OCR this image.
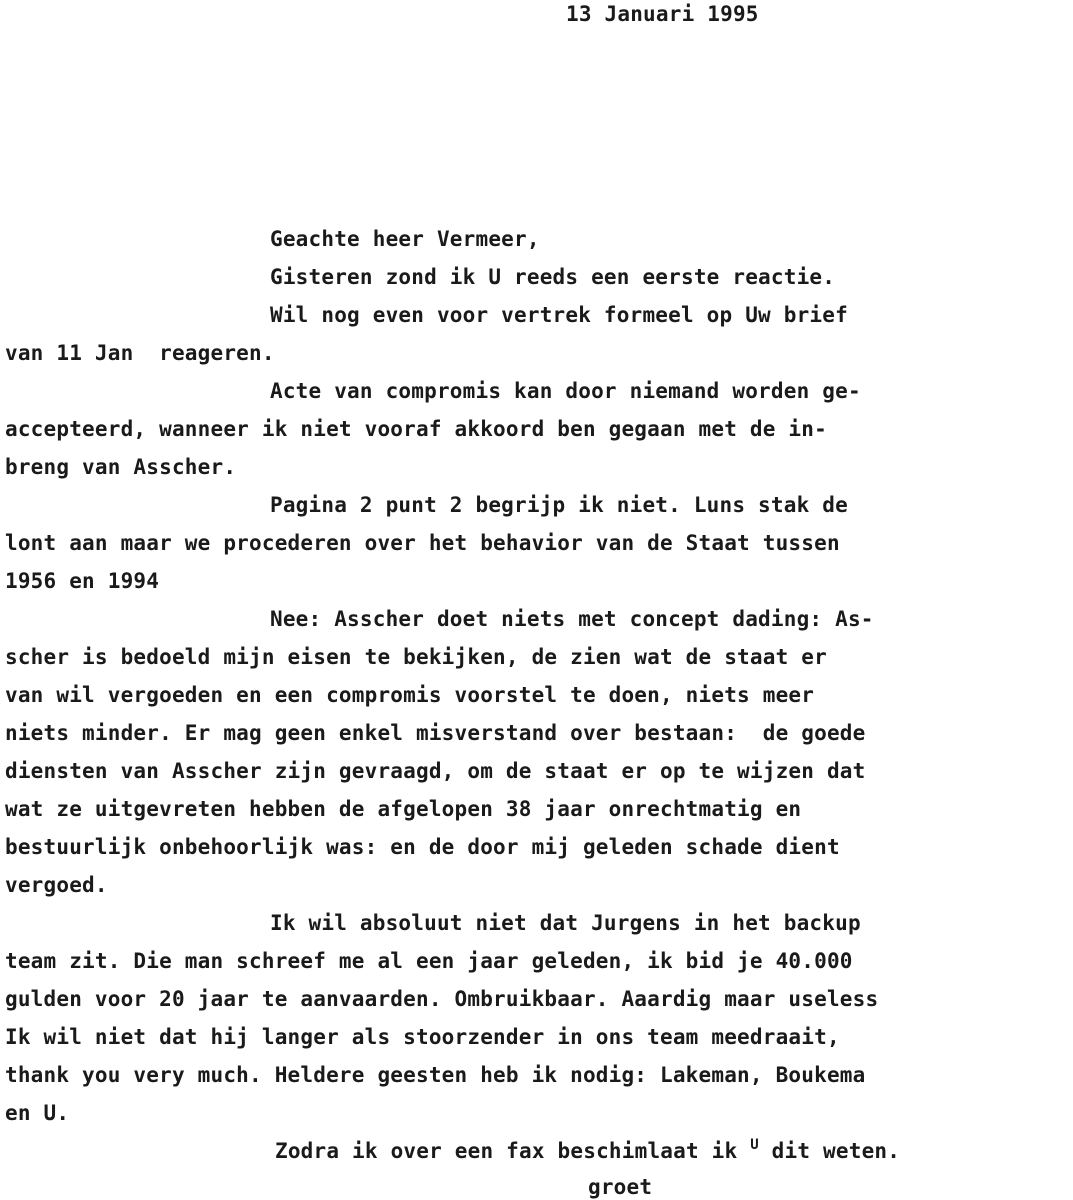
13 Januari 1995
Geachte heer Vermeer,
Gisteren zond ik U reeds een eerste reactie.
Wil nog even voor vertrek formeel op Uw brief
van 11 Jan  reageren.
Acte van compromis kan door niemand worden ge-
accepteerd, wanneer ik niet vooraf akkoord ben gegaan met de in-
breng van Asscher.
Pagina 2 punt 2 begrijp ik niet. Luns stak de
lont aan maar we procederen over het behavior van de Staat tussen
1956 en 1994
Nee: Asscher doet niets met concept dading: As-
scher is bedoeld mijn eisen te bekijken, de zien wat de staat er
van wil vergoeden en een compromis voorstel te doen, niets meer
niets minder. Er mag geen enkel misverstand over bestaan:  de goede
diensten van Asscher zijn gevraagd, om de staat er op te wijzen dat
wat ze uitgevreten hebben de afgelopen 38 jaar onrechtmatig en
bestuurlijk onbehoorlijk was: en de door mij geleden schade dient
vergoed.
Ik wil absoluut niet dat Jurgens in het backup
team zit. Die man schreef me al een jaar geleden, ik bid je 40.000
gulden voor 20 jaar te aanvaarden. Ombruikbaar. Aaardig maar useless
Ik wil niet dat hij langer als stoorzender in ons team meedraait,
thank you very much. Heldere geesten heb ik nodig: Lakeman, Boukema
en U.
Zodra ik over een fax beschimlaat ik $^U$ dit weten.
groet
